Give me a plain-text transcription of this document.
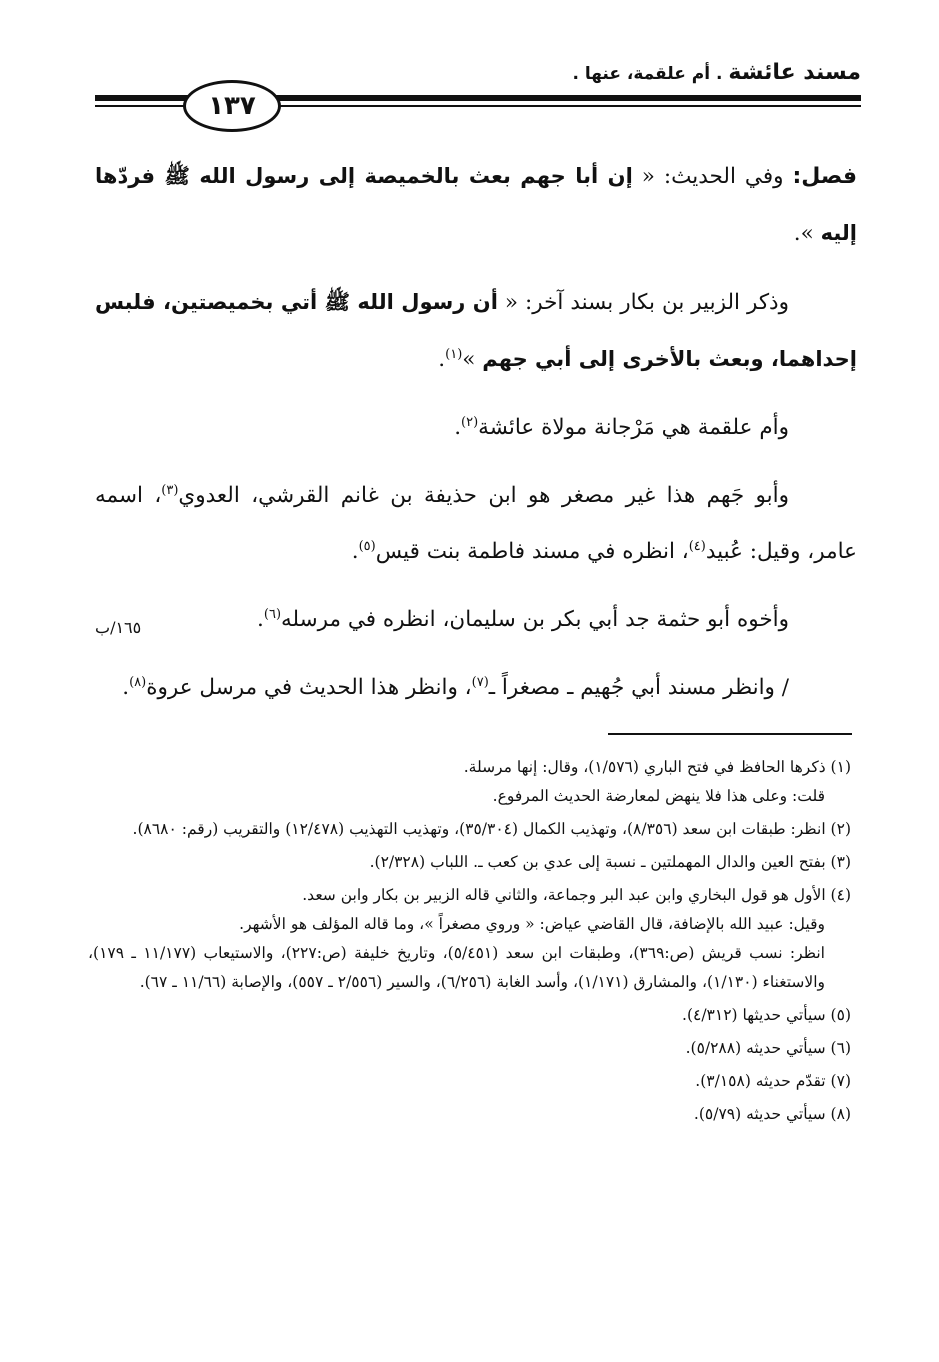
مسند عائشة . أم علقمة، عنها .
١٣٧

فصل: وفي الحديث: « إن أبا جهم بعث بالخميصة إلى رسول الله ﷺ فردّها إليه ».

وذكر الزبير بن بكار بسند آخر: « أن رسول الله ﷺ أتي بخميصتين، فلبس إحداهما، وبعث بالأخرى إلى أبي جهم »$^{(١)}$.

وأم علقمة هي مَرْجانة مولاة عائشة$^{(٢)}$.

وأبو جَهم هذا غير مصغر هو ابن حذيفة بن غانم القرشي، العدوي$^{(٣)}$، اسمه عامر، وقيل: عُبيد$^{(٤)}$، انظره في مسند فاطمة بنت قيس$^{(٥)}$.

وأخوه أبو حثمة جد أبي بكر بن سليمان، انظره في مرسله$^{(٦)}$.

/ وانظر مسند أبي جُهيم ـ مصغراً ـ$^{(٧)}$، وانظر هذا الحديث في مرسل عروة$^{(٨)}$.

١٦٥/ب

(١) ذكرها الحافظ في فتح الباري (١/٥٧٦)، وقال: إنها مرسلة.

قلت: وعلى هذا فلا ينهض لمعارضة الحديث المرفوع.

(٢) انظر: طبقات ابن سعد (٨/٣٥٦)، وتهذيب الكمال (٣٥/٣٠٤)، وتهذيب التهذيب (١٢/٤٧٨) والتقريب (رقم: ٨٦٨٠).

(٣) بفتح العين والدال المهملتين ـ نسبة إلى عدي بن كعب ـ. اللباب (٢/٣٢٨).

(٤) الأول هو قول البخاري وابن عبد البر وجماعة، والثاني قاله الزبير بن بكار وابن سعد.

وقيل: عبيد الله بالإضافة، قال القاضي عياض: « وروي مصغراً »، وما قاله المؤلف هو الأشهر.

انظر: نسب قريش (ص:٣٦٩)، وطبقات ابن سعد (٥/٤٥١)، وتاريخ خليفة (ص:٢٢٧)، والاستيعاب (١١/١٧٧ ـ ١٧٩)، والاستغناء (١/١٣٠)، والمشارق (١/١٧١)، وأسد الغابة (٦/٢٥٦)، والسير (٢/٥٥٦ ـ ٥٥٧)، والإصابة (١١/٦٦ ـ ٦٧).

(٥) سيأتي حديثها (٤/٣١٢).

(٦) سيأتي حديثه (٥/٢٨٨).

(٧) تقدّم حديثه (٣/١٥٨).

(٨) سيأتي حديثه (٥/٧٩).
